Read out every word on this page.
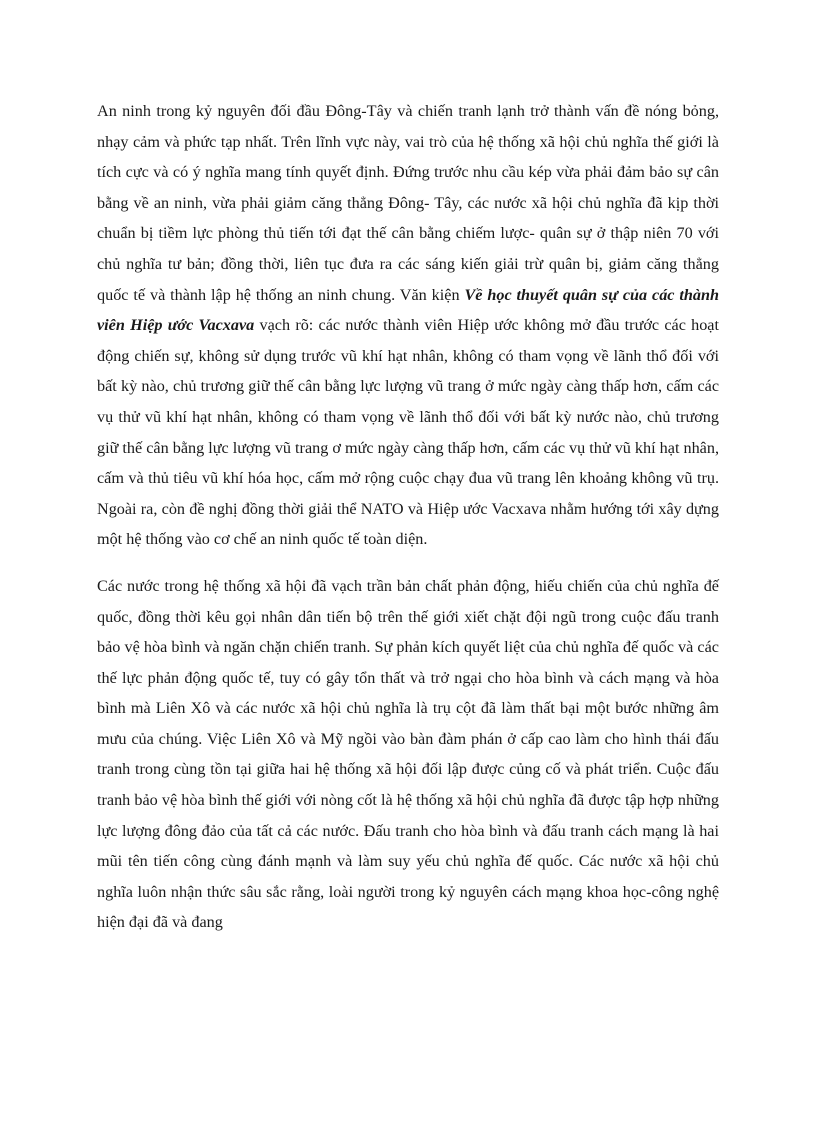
An ninh trong kỷ nguyên đối đầu Đông-Tây và chiến tranh lạnh trở thành vấn đề nóng bỏng, nhạy cảm và phức tạp nhất. Trên lĩnh vực này, vai trò của hệ thống xã hội chủ nghĩa thế giới là tích cực và có ý nghĩa mang tính quyết định. Đứng trước nhu cầu kép vừa phải đảm bảo sự cân bằng về an ninh, vừa phải giảm căng thẳng Đông- Tây, các nước xã hội chủ nghĩa đã kịp thời chuẩn bị tiềm lực phòng thủ tiến tới đạt thế cân bằng chiếm lược- quân sự ở thập niên 70 với chủ nghĩa tư bản; đồng thời, liên tục đưa ra các sáng kiến giải trừ quân bị, giảm căng thẳng quốc tế và thành lập hệ thống an ninh chung. Văn kiện Về học thuyết quân sự của các thành viên Hiệp ước Vacxava vạch rõ: các nước thành viên Hiệp ước không mở đầu trước các hoạt động chiến sự, không sử dụng trước vũ khí hạt nhân, không có tham vọng về lãnh thổ đối với bất kỳ nào, chủ trương giữ thế cân bằng lực lượng vũ trang ở mức ngày càng thấp hơn, cấm các vụ thử vũ khí hạt nhân, không có tham vọng về lãnh thổ đối với bất kỳ nước nào, chủ trương giữ thế cân bằng lực lượng vũ trang ơ mức ngày càng thấp hơn, cấm các vụ thử vũ khí hạt nhân, cấm và thủ tiêu vũ khí hóa học, cấm mở rộng cuộc chạy đua vũ trang lên khoảng không vũ trụ. Ngoài ra, còn đề nghị đồng thời giải thể NATO và Hiệp ước Vacxava nhằm hướng tới xây dựng một hệ thống vào cơ chế an ninh quốc tế toàn diện.

Các nước trong hệ thống xã hội đã vạch trần bản chất phản động, hiếu chiến của chủ nghĩa đế quốc, đồng thời kêu gọi nhân dân tiến bộ trên thế giới xiết chặt đội ngũ trong cuộc đấu tranh bảo vệ hòa bình và ngăn chặn chiến tranh. Sự phản kích quyết liệt của chủ nghĩa đế quốc và các thế lực phản động quốc tế, tuy có gây tổn thất và trở ngại cho hòa bình và cách mạng và hòa bình mà Liên Xô và các nước xã hội chủ nghĩa là trụ cột đã làm thất bại một bước những âm mưu của chúng. Việc Liên Xô và Mỹ ngồi vào bàn đàm phán ở cấp cao làm cho hình thái đấu tranh trong cùng tồn tại giữa hai hệ thống xã hội đối lập được củng cố và phát triển. Cuộc đấu tranh bảo vệ hòa bình thế giới với nòng cốt là hệ thống xã hội chủ nghĩa đã được tập hợp những lực lượng đông đảo của tất cả các nước. Đấu tranh cho hòa bình và đấu tranh cách mạng là hai mũi tên tiến công cùng đánh mạnh và làm suy yếu chủ nghĩa đế quốc. Các nước xã hội chủ nghĩa luôn nhận thức sâu sắc rằng, loài người trong kỷ nguyên cách mạng khoa học-công nghệ hiện đại đã và đang
